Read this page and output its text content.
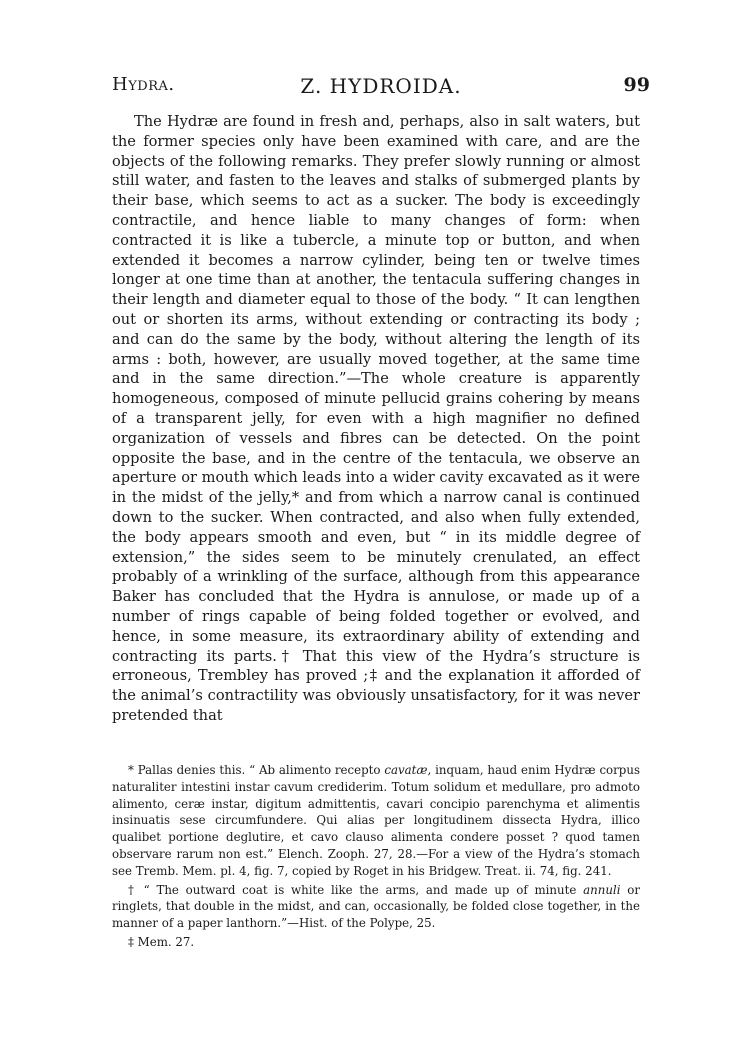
Hydra.	Z. HYDROIDA.	99

The Hydræ are found in fresh and, perhaps, also in salt waters, but the former species only have been examined with care, and are the objects of the following remarks. They prefer slowly running or almost still water, and fasten to the leaves and stalks of submerged plants by their base, which seems to act as a sucker. The body is exceedingly contractile, and hence liable to many changes of form: when contracted it is like a tubercle, a minute top or button, and when extended it becomes a narrow cylinder, being ten or twelve times longer at one time than at another, the tentacula suffering changes in their length and diameter equal to those of the body. “ It can lengthen out or shorten its arms, without extending or contracting its body ; and can do the same by the body, without altering the length of its arms : both, however, are usually moved together, at the same time and in the same direction.”—The whole creature is apparently homogeneous, composed of minute pellucid grains cohering by means of a transparent jelly, for even with a high magnifier no defined organization of vessels and fibres can be detected. On the point opposite the base, and in the centre of the tentacula, we observe an aperture or mouth which leads into a wider cavity excavated as it were in the midst of the jelly,* and from which a narrow canal is continued down to the sucker. When contracted, and also when fully extended, the body appears smooth and even, but “ in its middle degree of extension,” the sides seem to be minutely crenulated, an effect probably of a wrinkling of the surface, although from this appearance Baker has concluded that the Hydra is annulose, or made up of a number of rings capable of being folded together or evolved, and hence, in some measure, its extraordinary ability of extending and contracting its parts.† That this view of the Hydra’s structure is erroneous, Trembley has proved ;‡ and the explanation it afforded of the animal’s contractility was obviously unsatisfactory, for it was never pretended that

* Pallas denies this. “ Ab alimento recepto cavatæ, inquam, haud enim Hydræ corpus naturaliter intestini instar cavum crediderim. Totum solidum et medullare, pro admoto alimento, ceræ instar, digitum admittentis, cavari concipio parenchyma et alimentis insinuatis sese circumfundere. Qui alias per longitudinem dissecta Hydra, illico qualibet portione deglutire, et cavo clauso alimenta condere posset ? quod tamen observare rarum non est.” Elench. Zooph. 27, 28.—For a view of the Hydra’s stomach see Tremb. Mem. pl. 4, fig. 7, copied by Roget in his Bridgew. Treat. ii. 74, fig. 241.

† “ The outward coat is white like the arms, and made up of minute annuli or ringlets, that double in the midst, and can, occasionally, be folded close together, in the manner of a paper lanthorn.”—Hist. of the Polype, 25.

‡ Mem. 27.
